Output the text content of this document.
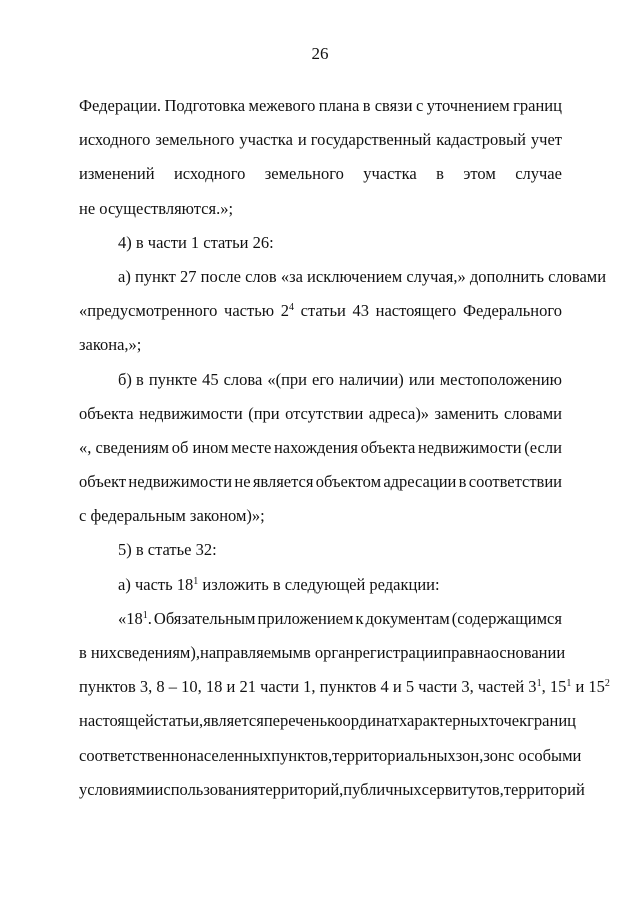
26
Федерации. Подготовка межевого плана в связи с уточнением границ
исходного земельного участка и государственный кадастровый учет
изменений исходного земельного участка в этом случае
не осуществляются.»;
4) в части 1 статьи 26:
а) пункт 27 после слов «за исключением случая,» дополнить словами
«предусмотренного частью $2^4$ статьи 43 настоящего Федерального
закона,»;
б) в пункте 45 слова «(при его наличии) или местоположению
объекта недвижимости (при отсутствии адреса)» заменить словами
«, сведениям об ином месте нахождения объекта недвижимости (если
объект недвижимости не является объектом адресации в соответствии
с федеральным законом)»;
5) в статье 32:
а) часть $18^1$ изложить в следующей редакции:
«$18^1$. Обязательным приложением к документам (содержащимся
в них сведениям), направляемым в орган регистрации прав на основании
пунктов 3, 8 – 10, 18 и 21 части 1, пунктов 4 и 5 части 3, частей $3^1$, $15^1$ и $15^2$
настоящей статьи, является перечень координат характерных точек границ
соответственно населенных пунктов, территориальных зон, зон с особыми
условиями использования территорий, публичных сервитутов, территорий
